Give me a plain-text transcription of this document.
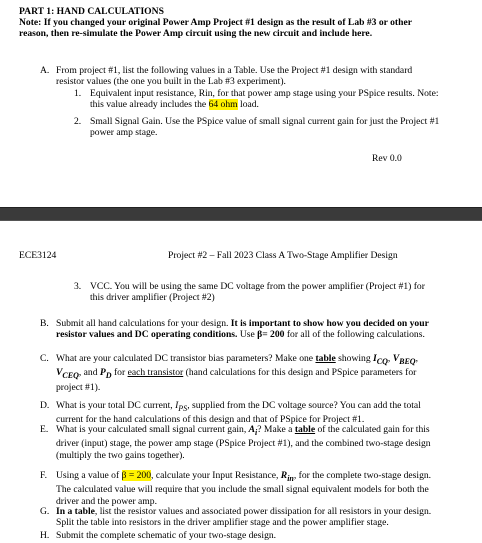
PART 1: HAND CALCULATIONS
Note: If you changed your original Power Amp Project #1 design as the result of Lab #3 or other reason, then re-simulate the Power Amp circuit using the new circuit and include here.
A. From project #1, list the following values in a Table. Use the Project #1 design with standard resistor values (the one you built in the Lab #3 experiment).
1. Equivalent input resistance, Rin, for that power amp stage using your PSpice results. Note: this value already includes the 64 ohm load.
2. Small Signal Gain. Use the PSpice value of small signal current gain for just the Project #1 power amp stage.
Rev 0.0
ECE3124	Project #2 – Fall 2023 Class A Two-Stage Amplifier Design
3. VCC. You will be using the same DC voltage from the power amplifier (Project #1) for this driver amplifier (Project #2)
B. Submit all hand calculations for your design. It is important to show how you decided on your resistor values and DC operating conditions. Use β= 200 for all of the following calculations.
C. What are your calculated DC transistor bias parameters? Make one table showing $I_{CQ}$, $V_{BEQ}$, $V_{CEQ}$, and $P_D$ for each transistor (hand calculations for this design and PSpice parameters for project #1).
D. What is your total DC current, $I_{PS}$, supplied from the DC voltage source? You can add the total current for the hand calculations of this design and that of PSpice for Project #1.
E. What is your calculated small signal current gain, $A_i$? Make a table of the calculated gain for this driver (input) stage, the power amp stage (PSpice Project #1), and the combined two-stage design (multiply the two gains together).
F. Using a value of β = 200, calculate your Input Resistance, $R_{in}$, for the complete two-stage design. The calculated value will require that you include the small signal equivalent models for both the driver and the power amp.
G. In a table, list the resistor values and associated power dissipation for all resistors in your design. Split the table into resistors in the driver amplifier stage and the power amplifier stage.
H. Submit the complete schematic of your two-stage design.
